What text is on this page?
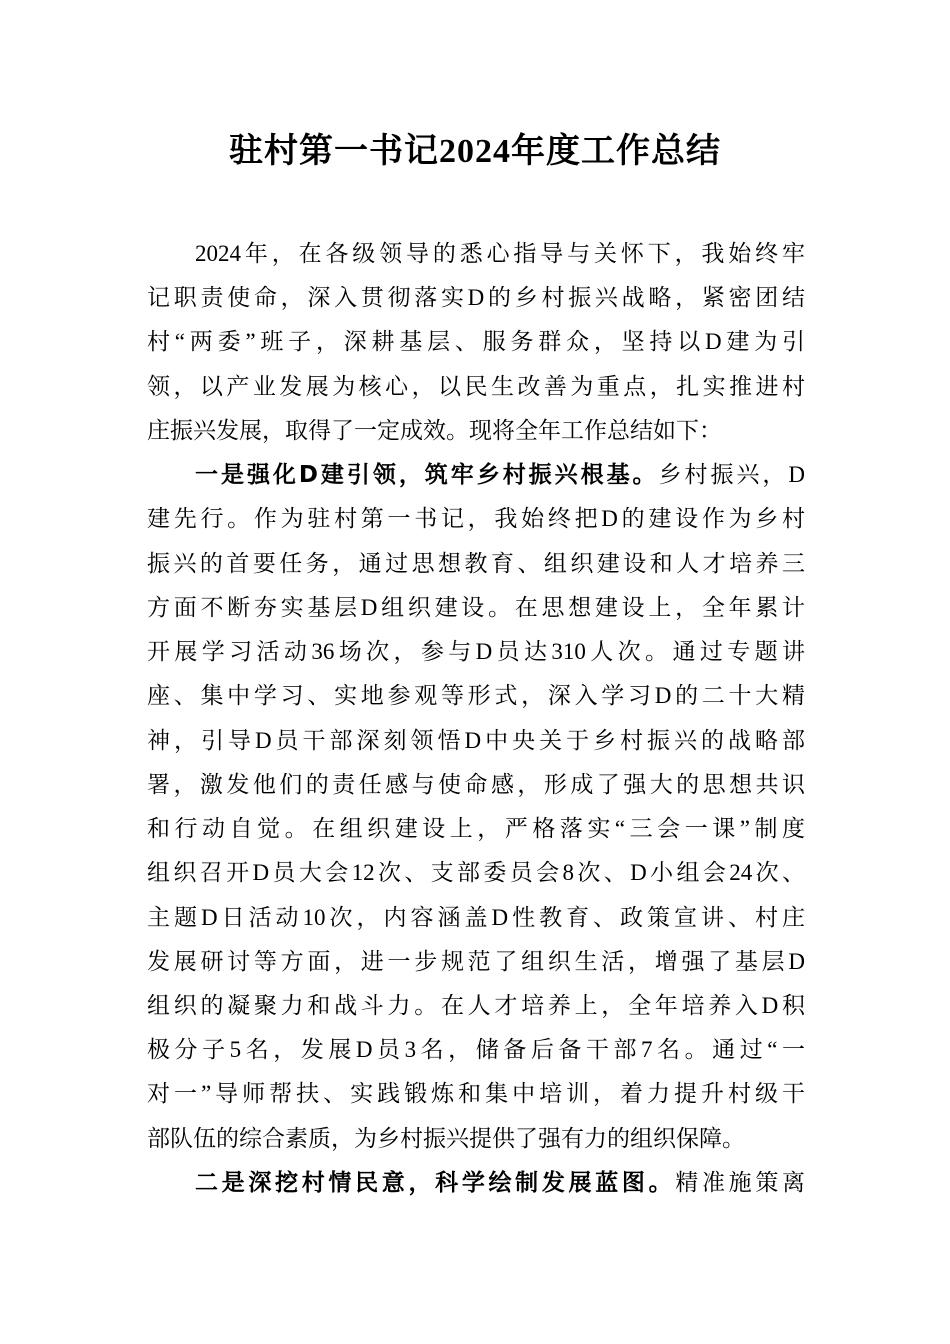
驻村第一书记2024年度工作总结
2024年，在各级领导的悉心指导与关怀下，我始终牢
记职责使命，深入贯彻落实D的乡村振兴战略，紧密团结
村“两委”班子，深耕基层、服务群众，坚持以D建为引
领，以产业发展为核心，以民生改善为重点，扎实推进村
庄振兴发展，取得了一定成效。现将全年工作总结如下：
一是强化D建引领，筑牢乡村振兴根基。乡村振兴，D
建先行。作为驻村第一书记，我始终把D的建设作为乡村
振兴的首要任务，通过思想教育、组织建设和人才培养三
方面不断夯实基层D组织建设。在思想建设上，全年累计
开展学习活动36场次，参与D员达310人次。通过专题讲
座、集中学习、实地参观等形式，深入学习D的二十大精
神，引导D员干部深刻领悟D中央关于乡村振兴的战略部
署，激发他们的责任感与使命感，形成了强大的思想共识
和行动自觉。在组织建设上，严格落实“三会一课”制度
组织召开D员大会12次、支部委员会8次、D小组会24次、
主题D日活动10次，内容涵盖D性教育、政策宣讲、村庄
发展研讨等方面，进一步规范了组织生活，增强了基层D
组织的凝聚力和战斗力。在人才培养上，全年培养入D积
极分子5名，发展D员3名，储备后备干部7名。通过“一
对一”导师帮扶、实践锻炼和集中培训，着力提升村级干
部队伍的综合素质，为乡村振兴提供了强有力的组织保障。
二是深挖村情民意，科学绘制发展蓝图。精准施策离
